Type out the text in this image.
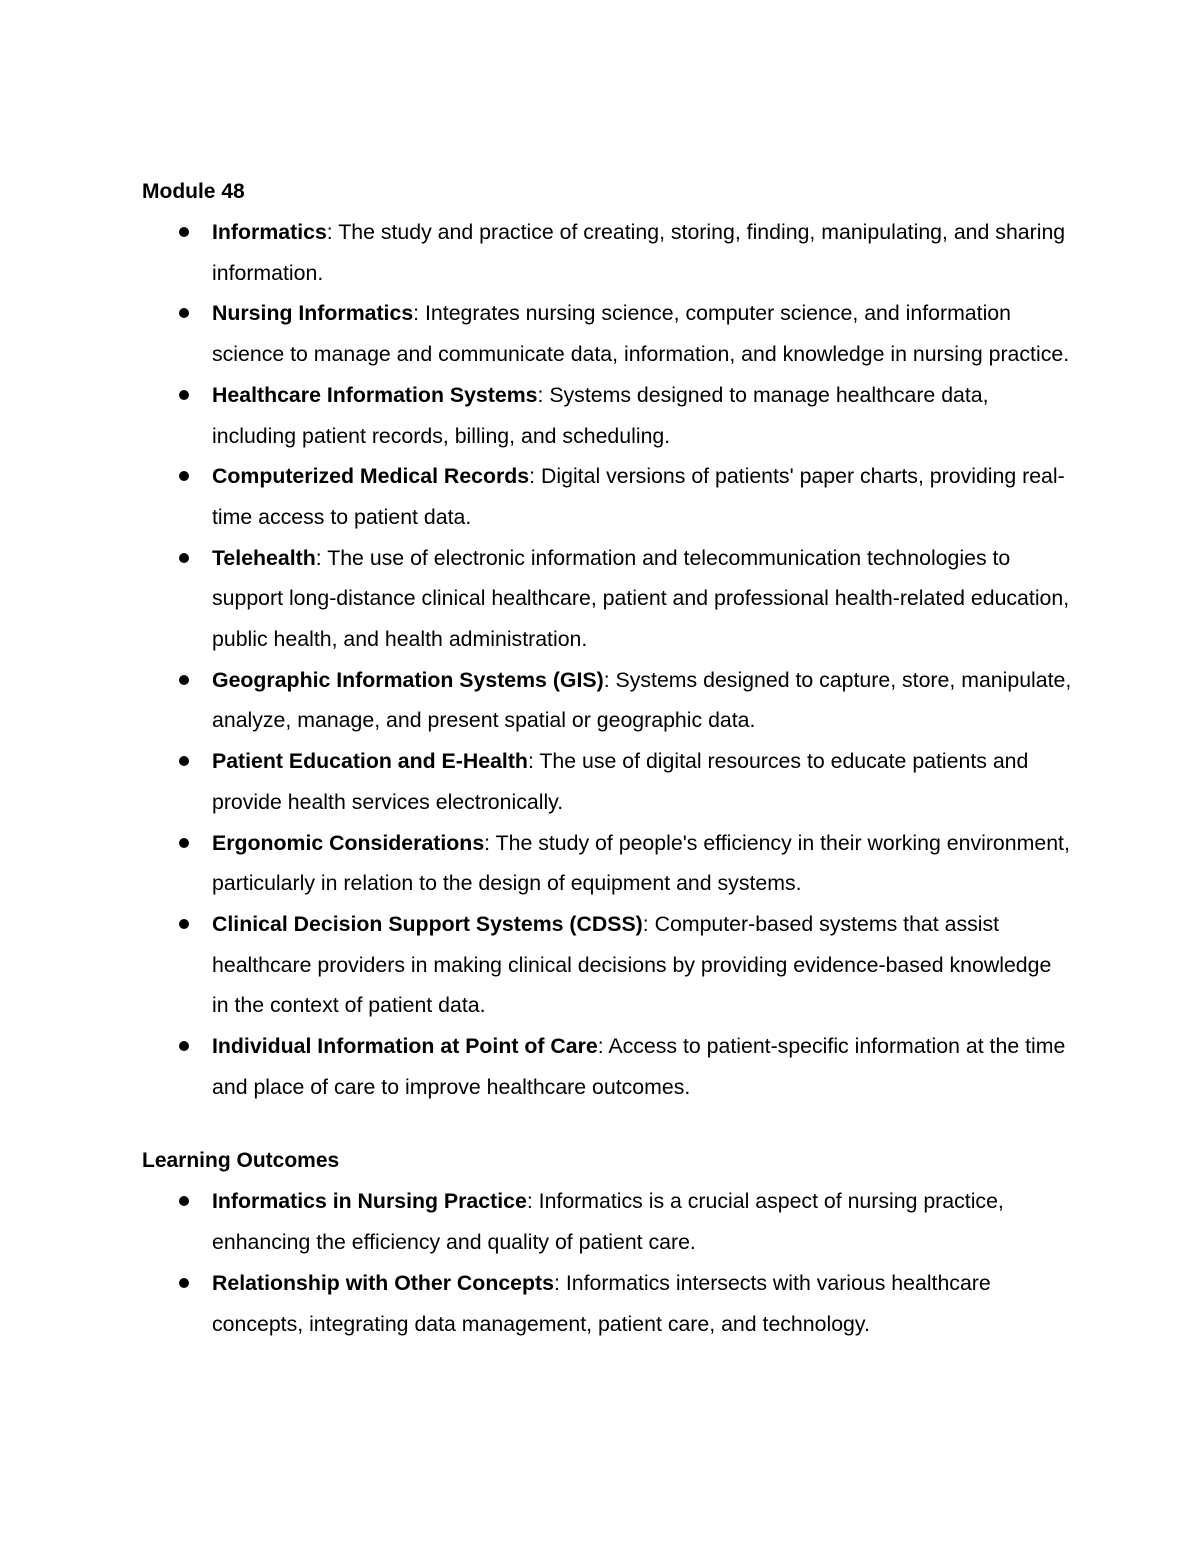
Module 48
Informatics: The study and practice of creating, storing, finding, manipulating, and sharing information.
Nursing Informatics: Integrates nursing science, computer science, and information science to manage and communicate data, information, and knowledge in nursing practice.
Healthcare Information Systems: Systems designed to manage healthcare data, including patient records, billing, and scheduling.
Computerized Medical Records: Digital versions of patients' paper charts, providing real-time access to patient data.
Telehealth: The use of electronic information and telecommunication technologies to support long-distance clinical healthcare, patient and professional health-related education, public health, and health administration.
Geographic Information Systems (GIS): Systems designed to capture, store, manipulate, analyze, manage, and present spatial or geographic data.
Patient Education and E-Health: The use of digital resources to educate patients and provide health services electronically.
Ergonomic Considerations: The study of people's efficiency in their working environment, particularly in relation to the design of equipment and systems.
Clinical Decision Support Systems (CDSS): Computer-based systems that assist healthcare providers in making clinical decisions by providing evidence-based knowledge in the context of patient data.
Individual Information at Point of Care: Access to patient-specific information at the time and place of care to improve healthcare outcomes.
Learning Outcomes
Informatics in Nursing Practice: Informatics is a crucial aspect of nursing practice, enhancing the efficiency and quality of patient care.
Relationship with Other Concepts: Informatics intersects with various healthcare concepts, integrating data management, patient care, and technology.
